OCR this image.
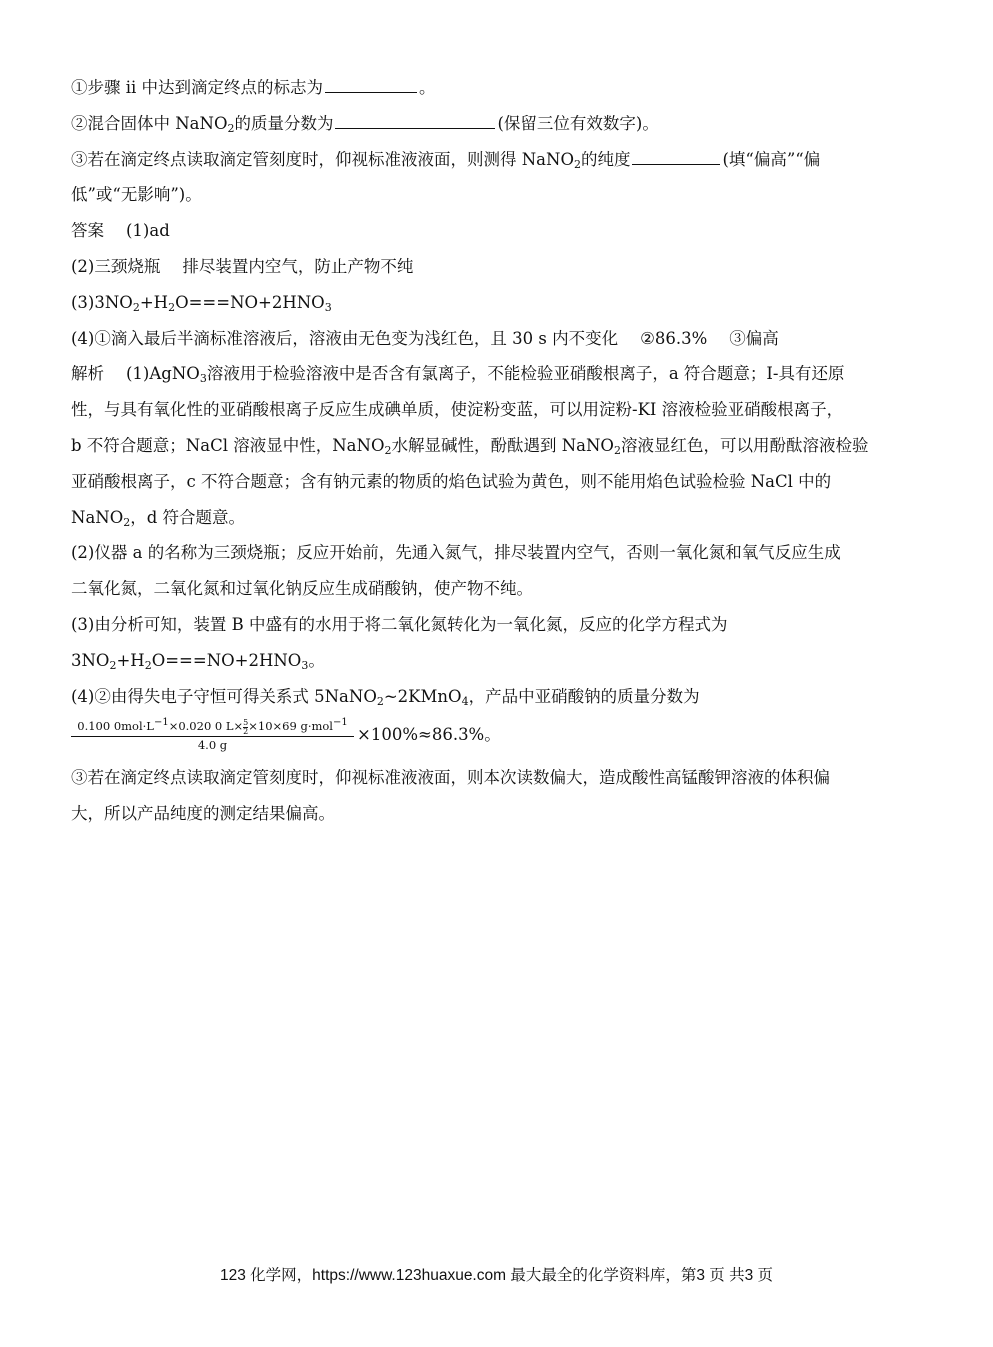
①步骤 ii 中达到滴定终点的标志为	。
②混合固体中 NaNO$_2$的质量分数为	(保留三位有效数字)。
③若在滴定终点读取滴定管刻度时，仰视标准液液面，则测得 NaNO$_2$的纯度	(填“偏高”“偏
低”或“无影响”)。
答案 (1)ad
(2)三颈烧瓶 排尽装置内空气，防止产物不纯
$(3)3NO_2+H_2O===NO+2HNO_3$
(4)①滴入最后半滴标准溶液后，溶液由无色变为浅红色，且 30 s 内不变化 ②86.3% ③偏高
解析 (1)AgNO$_3$溶液用于检验溶液中是否含有氯离子，不能检验亚硝酸根离子，a 符合题意；I-具有还原
性，与具有氧化性的亚硝酸根离子反应生成碘单质，使淀粉变蓝，可以用淀粉-KI 溶液检验亚硝酸根离子，
b 不符合题意；NaCl 溶液显中性，NaNO$_2$水解显碱性，酚酞遇到 NaNO$_2$溶液显红色，可以用酚酞溶液检验
亚硝酸根离子，c 不符合题意；含有钠元素的物质的焰色试验为黄色，则不能用焰色试验检验 NaCl 中的
NaNO$_2$，d 符合题意。
(2)仪器 a 的名称为三颈烧瓶；反应开始前，先通入氮气，排尽装置内空气，否则一氧化氮和氧气反应生成
二氧化氮，二氧化氮和过氧化钠反应生成硝酸钠，使产物不纯。
(3)由分析可知，装置 B 中盛有的水用于将二氧化氮转化为一氧化氮，反应的化学方程式为
$3NO_2+H_2O===NO+2HNO_3$。
(4)②由得失电子守恒可得关系式 5NaNO$_2$~2KMnO$_4$，产品中亚硝酸钠的质量分数为
0.100 $0mol\cdot L^{-1}\times 0.020$ 0 $L\times \frac{5}{2} \times 10\times 69$ g·mol$^{-1}$
4.0 g
×100%≈86.3%。
③若在滴定终点读取滴定管刻度时，仰视标准液液面，则本次读数偏大，造成酸性高锰酸钾溶液的体积偏
大，所以产品纯度的测定结果偏高。
123 化学网，https://www.123huaxue.com 最大最全的化学资料库，第3 页 共3 页
